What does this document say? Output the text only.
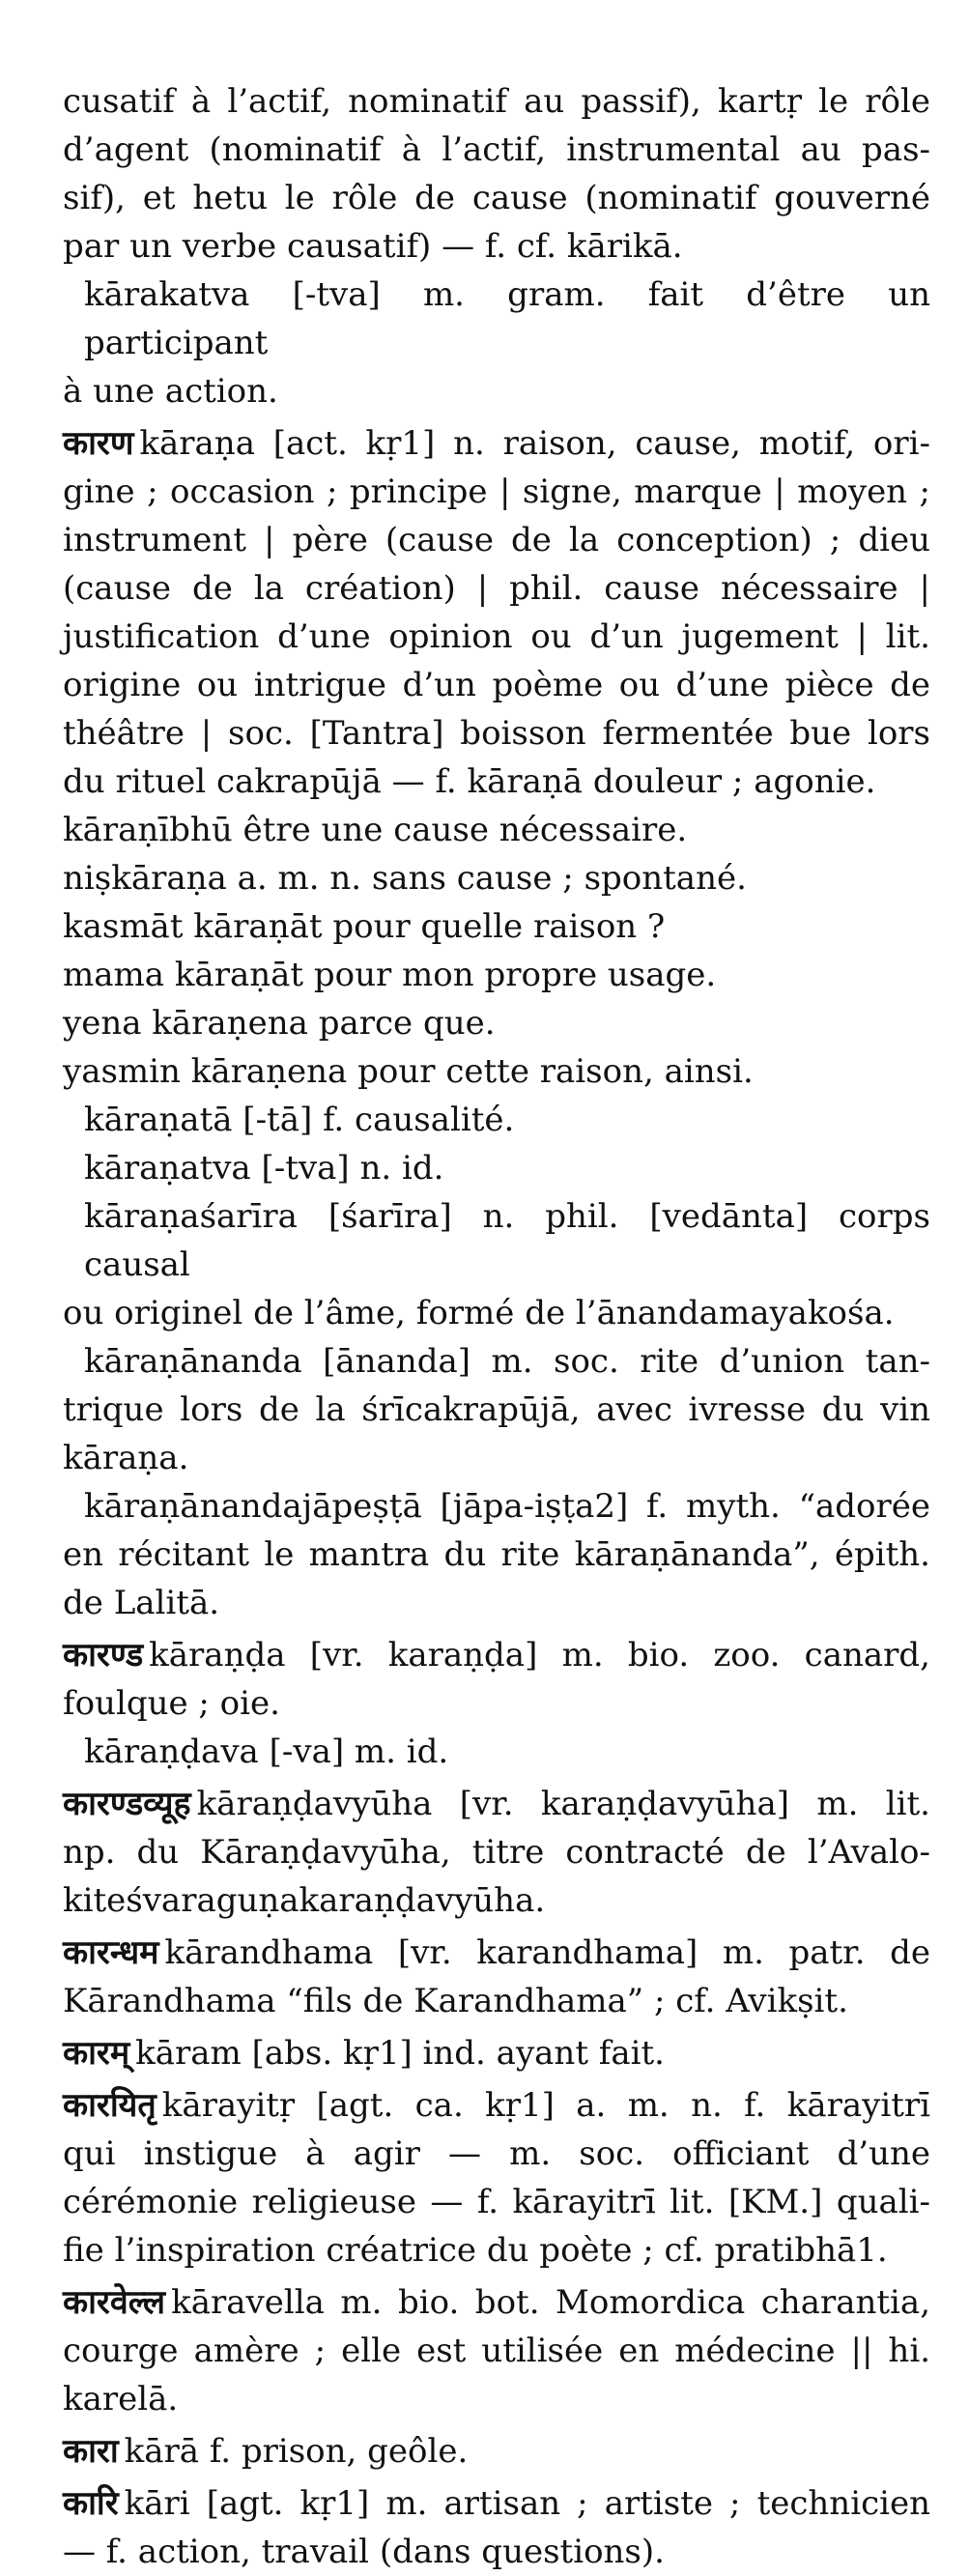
cusatif à l’actif, nominatif au passif), kartṛ le rôle
d’agent (nominatif à l’actif, instrumental au pas-
sif), et hetu le rôle de cause (nominatif gouverné
par un verbe causatif) — f. cf. kārikā.
kārakatva [-tva] m. gram. fait d’être un participant
à une action.
कारण kāraṇa [act. kṛ1] n. raison, cause, motif, ori-
gine ; occasion ; principe | signe, marque | moyen ;
instrument | père (cause de la conception) ; dieu
(cause de la création) | phil. cause nécessaire |
justification d’une opinion ou d’un jugement | lit.
origine ou intrigue d’un poème ou d’une pièce de
théâtre | soc. [Tantra] boisson fermentée bue lors
du rituel cakrapūjā — f. kāraṇā douleur ; agonie.
kāraṇībhū être une cause nécessaire.
niṣkāraṇa a. m. n. sans cause ; spontané.
kasmāt kāraṇāt pour quelle raison ?
mama kāraṇāt pour mon propre usage.
yena kāraṇena parce que.
yasmin kāraṇena pour cette raison, ainsi.
kāraṇatā [-tā] f. causalité.
kāraṇatva [-tva] n. id.
kāraṇaśarīra [śarīra] n. phil. [vedānta] corps causal
ou originel de l’âme, formé de l’ānandamayakośa.
kāraṇānanda [ānanda] m. soc. rite d’union tan-
trique lors de la śrīcakrapūjā, avec ivresse du vin
kāraṇa.
kāraṇānandajāpeṣṭā [jāpa-iṣṭa2] f. myth. “adorée
en récitant le mantra du rite kāraṇānanda”, épith.
de Lalitā.
कारण्ड kāraṇḍa [vr. karaṇḍa] m. bio. zoo. canard,
foulque ; oie.
kāraṇḍava [-va] m. id.
कारण्डव्यूह kāraṇḍavyūha [vr. karaṇḍavyūha] m. lit.
np. du Kāraṇḍavyūha, titre contracté de l’Avalo-
kiteśvaraguṇakaraṇḍavyūha.
कारन्धम kārandhama [vr. karandhama] m. patr. de
Kārandhama “fils de Karandhama” ; cf. Avikṣit.
कारम् kāram [abs. kṛ1] ind. ayant fait.
कारयितृ kārayitṛ [agt. ca. kṛ1] a. m. n. f. kārayitrī
qui instigue à agir — m. soc. officiant d’une
cérémonie religieuse — f. kārayitrī lit. [KM.] quali-
fie l’inspiration créatrice du poète ; cf. pratibhā1.
कारवेल्ल kāravella m. bio. bot. Momordica charantia,
courge amère ; elle est utilisée en médecine || hi.
karelā.
कारा kārā f. prison, geôle.
कारि kāri [agt. kṛ1] m. artisan ; artiste ; technicien
— f. action, travail (dans questions).
